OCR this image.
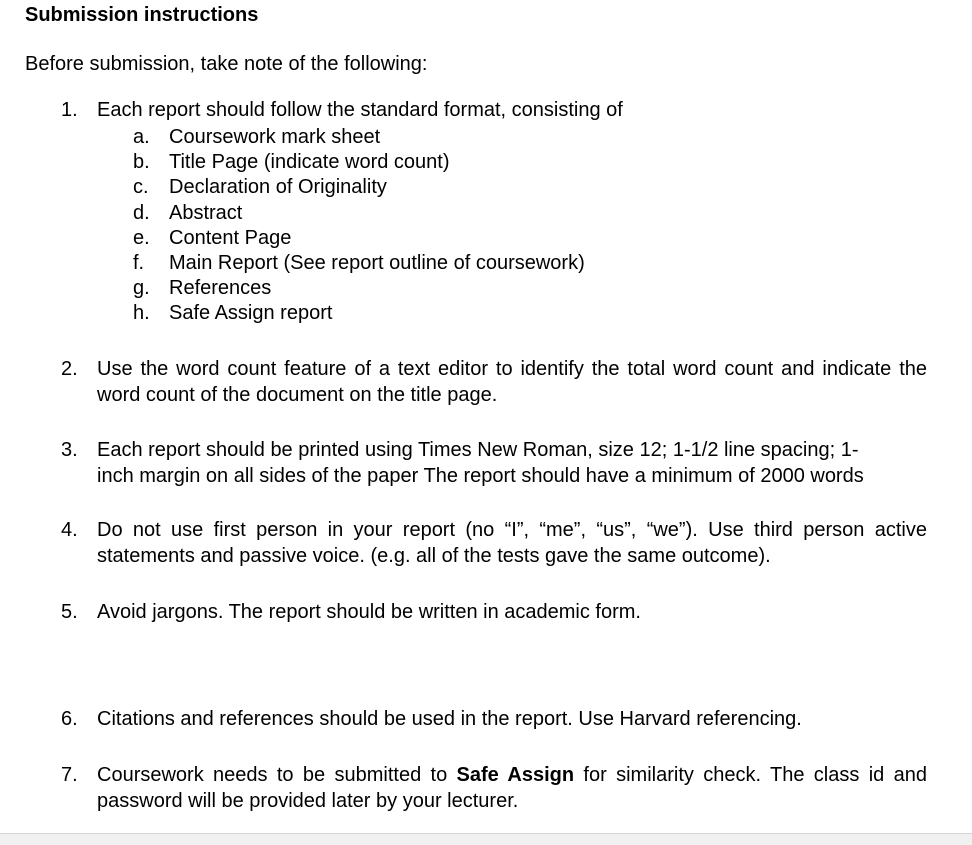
Submission instructions
Before submission, take note of the following:
1. Each report should follow the standard format, consisting of
a. Coursework mark sheet
b. Title Page (indicate word count)
c.	Declaration of Originality
d. Abstract
e. Content Page
f.	Main Report (See report outline of coursework)
g. References
h. Safe Assign report
2. Use the word count feature of a text editor to identify the total word count and indicate the word count of the document on the title page.
3. Each report should be printed using Times New Roman, size 12; 1-1/2 line spacing; 1-
inch margin on all sides of the paper The report should have a minimum of 2000 words
4. Do not use first person in your report (no “I”, “me”, “us”, “we”). Use third person active statements and passive voice. (e.g. all of the tests gave the same outcome).
5. Avoid jargons. The report should be written in academic form.
6. Citations and references should be used in the report. Use Harvard referencing.
7. Coursework needs to be submitted to Safe Assign for similarity check. The class id and password will be provided later by your lecturer.
